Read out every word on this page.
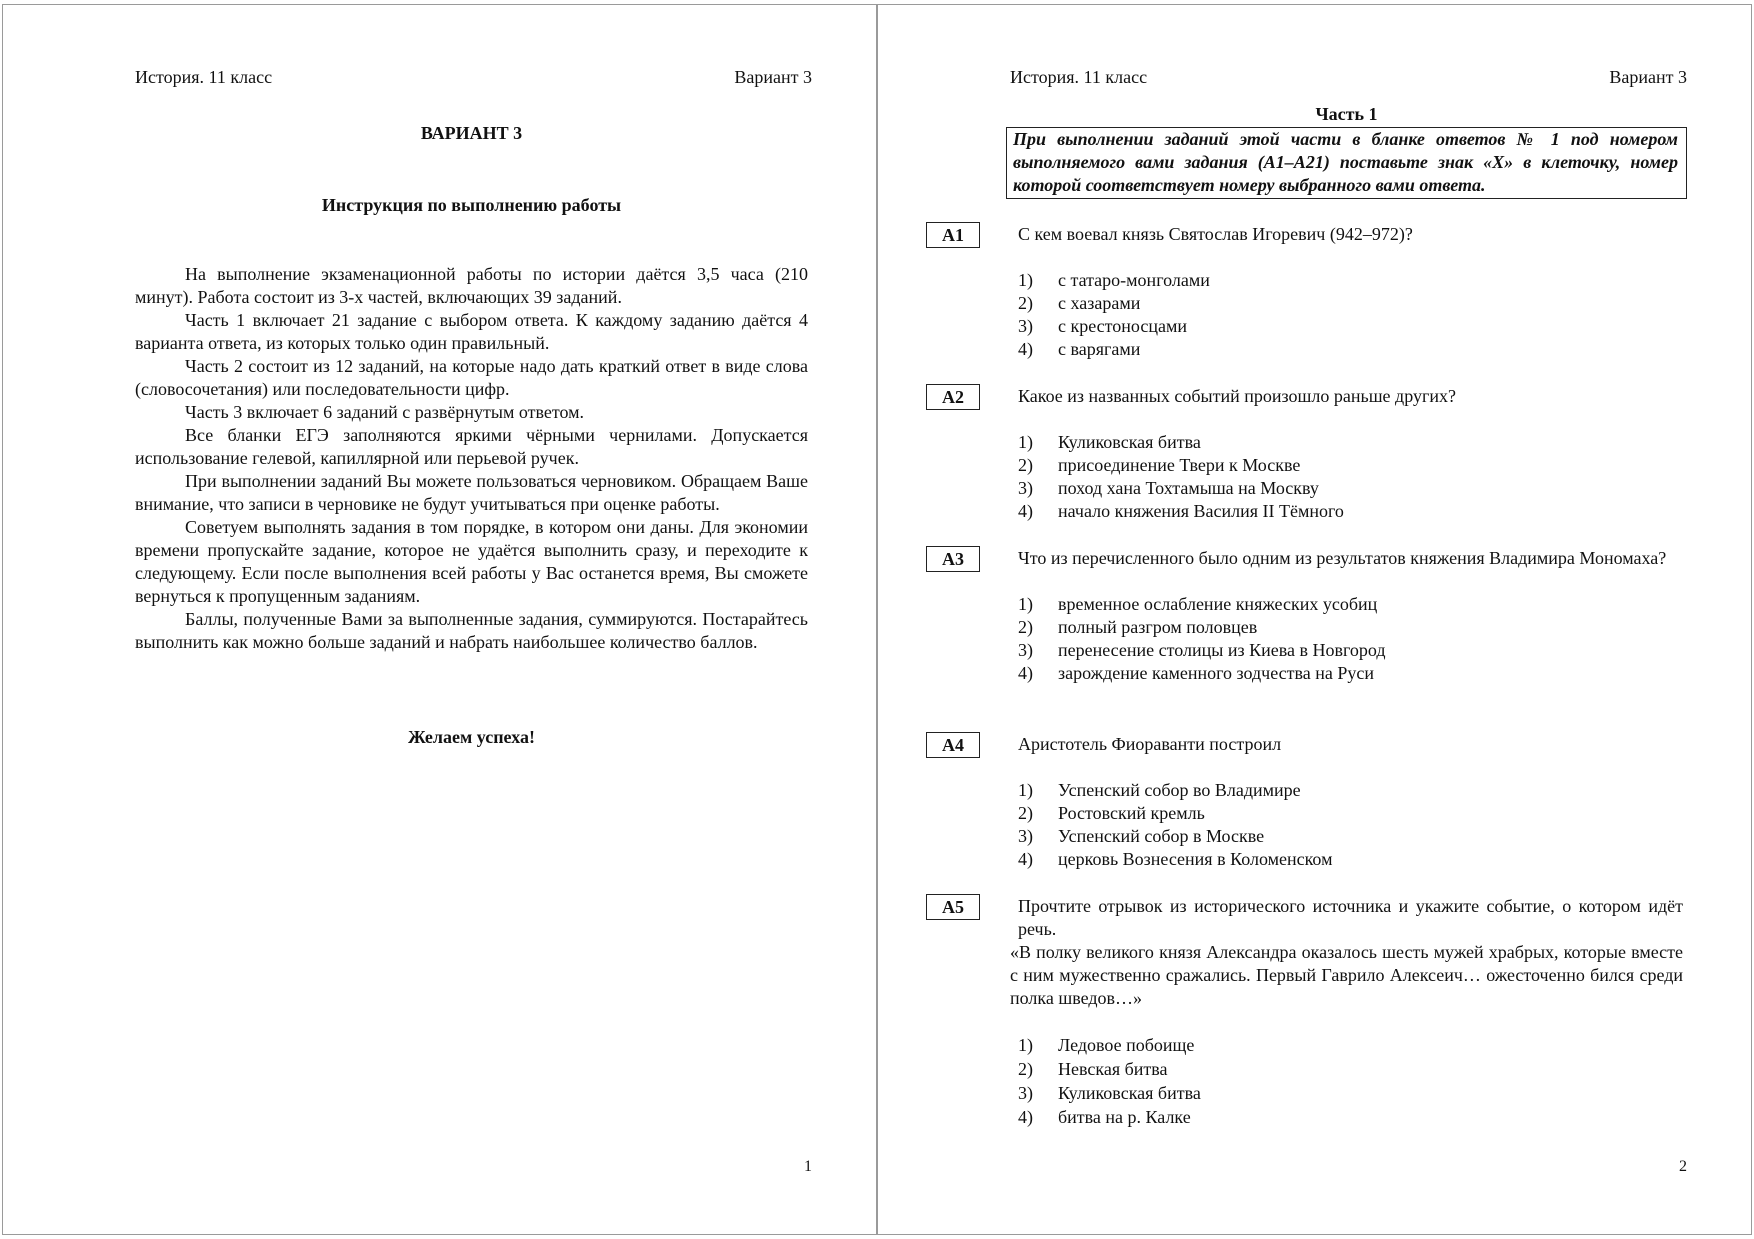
История. 11 класс	Вариант 3
ВАРИАНТ 3
Инструкция по выполнению работы

На выполнение экзаменационной работы по истории даётся 3,5 часа (210 минут). Работа состоит из 3-х частей, включающих 39 заданий.

Часть 1 включает 21 задание с выбором ответа. К каждому заданию даётся 4 варианта ответа, из которых только один правильный.

Часть 2 состоит из 12 заданий, на которые надо дать краткий ответ в виде слова (словосочетания) или последовательности цифр.

Часть 3 включает 6 заданий с развёрнутым ответом.

Все бланки ЕГЭ заполняются яркими чёрными чернилами. Допускается использование гелевой, капиллярной или перьевой ручек.

При выполнении заданий Вы можете пользоваться черновиком. Обращаем Ваше внимание, что записи в черновике не будут учитываться при оценке работы.

Советуем выполнять задания в том порядке, в котором они даны. Для экономии времени пропускайте задание, которое не удаётся выполнить сразу, и переходите к следующему. Если после выполнения всей работы у Вас останется время, Вы сможете вернуться к пропущенным заданиям.

Баллы, полученные Вами за выполненные задания, суммируются. Постарайтесь выполнить как можно больше заданий и набрать наибольшее количество баллов.

Желаем успеха!
1
История. 11 класс	Вариант 3
Часть 1
При выполнении заданий этой части в бланке ответов № 1 под номером выполняемого вами задания (А1–А21) поставьте знак «X» в клеточку, номер которой соответствует номеру выбранного вами ответа.
А1	С кем воевал князь Святослав Игоревич (942–972)?
1)	с татаро-монголами
2)	с хазарами
3)	с крестоносцами
4)	с варягами
А2	Какое из названных событий произошло раньше других?
1)	Куликовская битва
2)	присоединение Твери к Москве
3)	поход хана Тохтамыша на Москву
4)	начало княжения Василия II Тёмного
А3	Что из перечисленного было одним из результатов княжения Владимира Мономаха?
1)	временное ослабление княжеских усобиц
2)	полный разгром половцев
3)	перенесение столицы из Киева в Новгород
4)	зарождение каменного зодчества на Руси
А4	Аристотель Фиораванти построил
1)	Успенский собор во Владимире
2)	Ростовский кремль
3)	Успенский собор в Москве
4)	церковь Вознесения в Коломенском
А5	Прочтите отрывок из исторического источника и укажите событие, о котором идёт речь.
«В полку великого князя Александра оказалось шесть мужей храбрых, которые вместе с ним мужественно сражались. Первый Гаврило Алексеич… ожесточенно бился среди полка шведов…»
1)	Ледовое побоище
2)	Невская битва
3)	Куликовская битва
4)	битва на р. Калке
2
